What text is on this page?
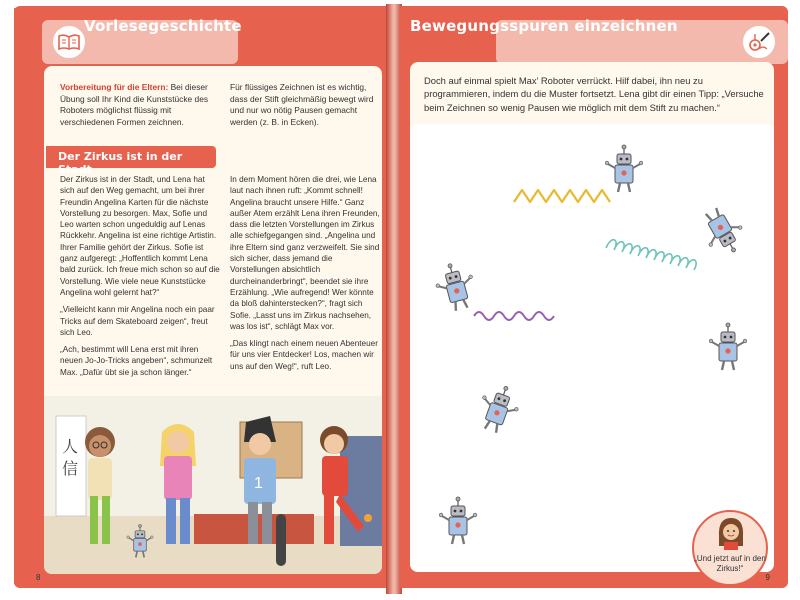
Vorlesegeschichte
Vorbereitung für die Eltern: Bei dieser Übung soll Ihr Kind die Kunststücke des Roboters möglichst flüssig mit verschiedenen Formen zeichnen.
Für flüssiges Zeichnen ist es wichtig, dass der Stift gleichmäßig bewegt wird und nur wo nötig Pausen gemacht werden (z. B. in Ecken).
Der Zirkus ist in der Stadt

Der Zirkus ist in der Stadt, und Lena hat sich auf den Weg gemacht, um bei ihrer Freundin Angelina Karten für die nächste Vorstellung zu besorgen. Max, Sofie und Leo warten schon ungeduldig auf Lenas Rückkehr. Angelina ist eine richtige Artistin. Ihrer Familie gehört der Zirkus. Sofie ist ganz aufgeregt: „Hoffentlich kommt Lena bald zurück. Ich freue mich schon so auf die Vorstellung. Wie viele neue Kunststücke Angelina wohl gelernt hat?“

„Vielleicht kann mir Angelina noch ein paar Tricks auf dem Skateboard zeigen“, freut sich Leo.

„Ach, bestimmt will Lena erst mit ihren neuen Jo-Jo-Tricks angeben“, schmunzelt Max. „Dafür übt sie ja schon länger.“

In dem Moment hören die drei, wie Lena laut nach ihnen ruft: „Kommt schnell! Angelina braucht unsere Hilfe.“ Ganz außer Atem erzählt Lena ihren Freunden, dass die letzten Vorstellungen im Zirkus alle schiefgegangen sind. „Angelina und ihre Eltern sind ganz verzweifelt. Sie sind sich sicher, dass jemand die Vorstellungen absichtlich durcheinanderbringt“, beendet sie ihre Erzählung. „Wie aufregend! Wer könnte da bloß dahinterstecken?“, fragt sich Sofie. „Lasst uns im Zirkus nachsehen, was los ist“, schlägt Max vor.

„Das klingt nach einem neuen Abenteuer für uns vier Entdecker! Los, machen wir uns auf den Weg!“, ruft Leo.

人
信
1
8
Bewegungsspuren einzeichnen
Doch auf einmal spielt Max’ Roboter verrückt. Hilf dabei, ihn neu zu programmieren, indem du die Muster fortsetzt. Lena gibt dir einen Tipp: „Versuche beim Zeichnen so wenig Pausen wie möglich mit dem Stift zu machen.“
„Und jetzt auf in den Zirkus!“
9
